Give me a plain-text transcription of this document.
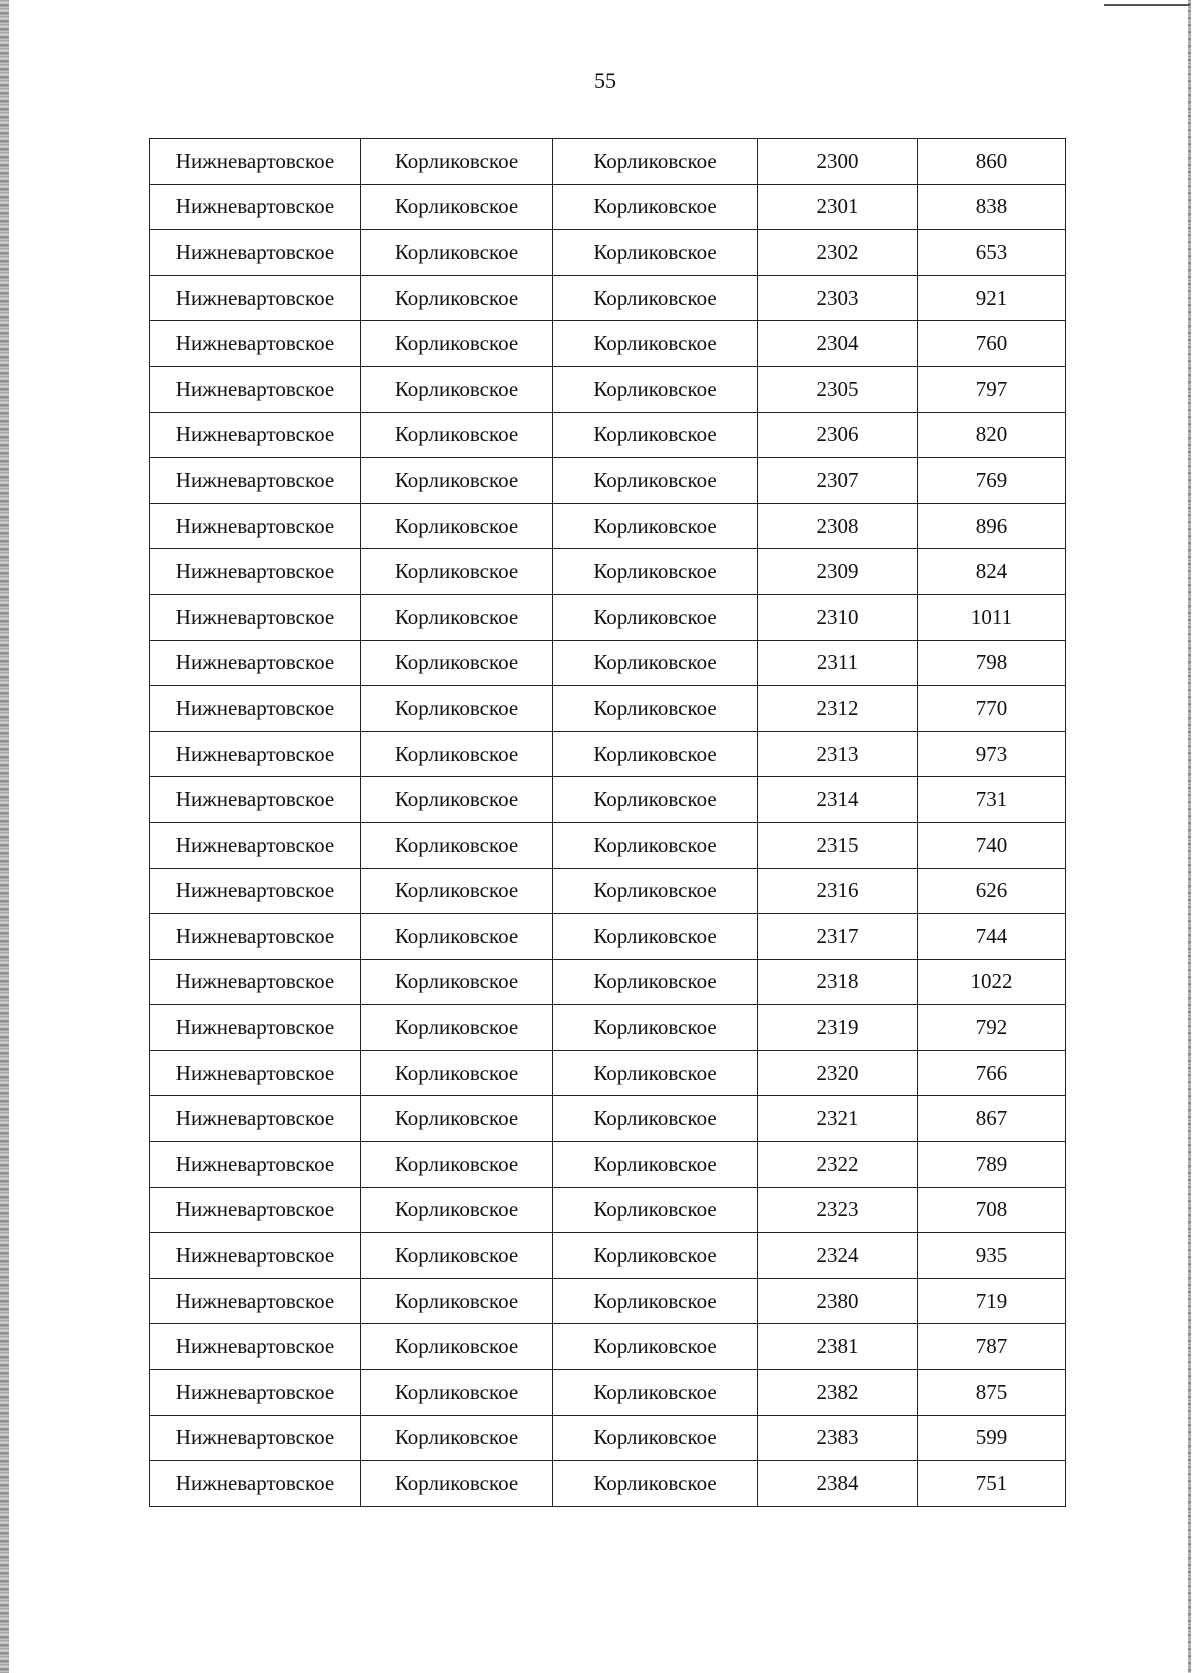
55
Нижневартовское	Корликовское	Корликовское	2300	860
Нижневартовское	Корликовское	Корликовское	2301	838
Нижневартовское	Корликовское	Корликовское	2302	653
Нижневартовское	Корликовское	Корликовское	2303	921
Нижневартовское	Корликовское	Корликовское	2304	760
Нижневартовское	Корликовское	Корликовское	2305	797
Нижневартовское	Корликовское	Корликовское	2306	820
Нижневартовское	Корликовское	Корликовское	2307	769
Нижневартовское	Корликовское	Корликовское	2308	896
Нижневартовское	Корликовское	Корликовское	2309	824
Нижневартовское	Корликовское	Корликовское	2310	1011
Нижневартовское	Корликовское	Корликовское	2311	798
Нижневартовское	Корликовское	Корликовское	2312	770
Нижневартовское	Корликовское	Корликовское	2313	973
Нижневартовское	Корликовское	Корликовское	2314	731
Нижневартовское	Корликовское	Корликовское	2315	740
Нижневартовское	Корликовское	Корликовское	2316	626
Нижневартовское	Корликовское	Корликовское	2317	744
Нижневартовское	Корликовское	Корликовское	2318	1022
Нижневартовское	Корликовское	Корликовское	2319	792
Нижневартовское	Корликовское	Корликовское	2320	766
Нижневартовское	Корликовское	Корликовское	2321	867
Нижневартовское	Корликовское	Корликовское	2322	789
Нижневартовское	Корликовское	Корликовское	2323	708
Нижневартовское	Корликовское	Корликовское	2324	935
Нижневартовское	Корликовское	Корликовское	2380	719
Нижневартовское	Корликовское	Корликовское	2381	787
Нижневартовское	Корликовское	Корликовское	2382	875
Нижневартовское	Корликовское	Корликовское	2383	599
Нижневартовское	Корликовское	Корликовское	2384	751
